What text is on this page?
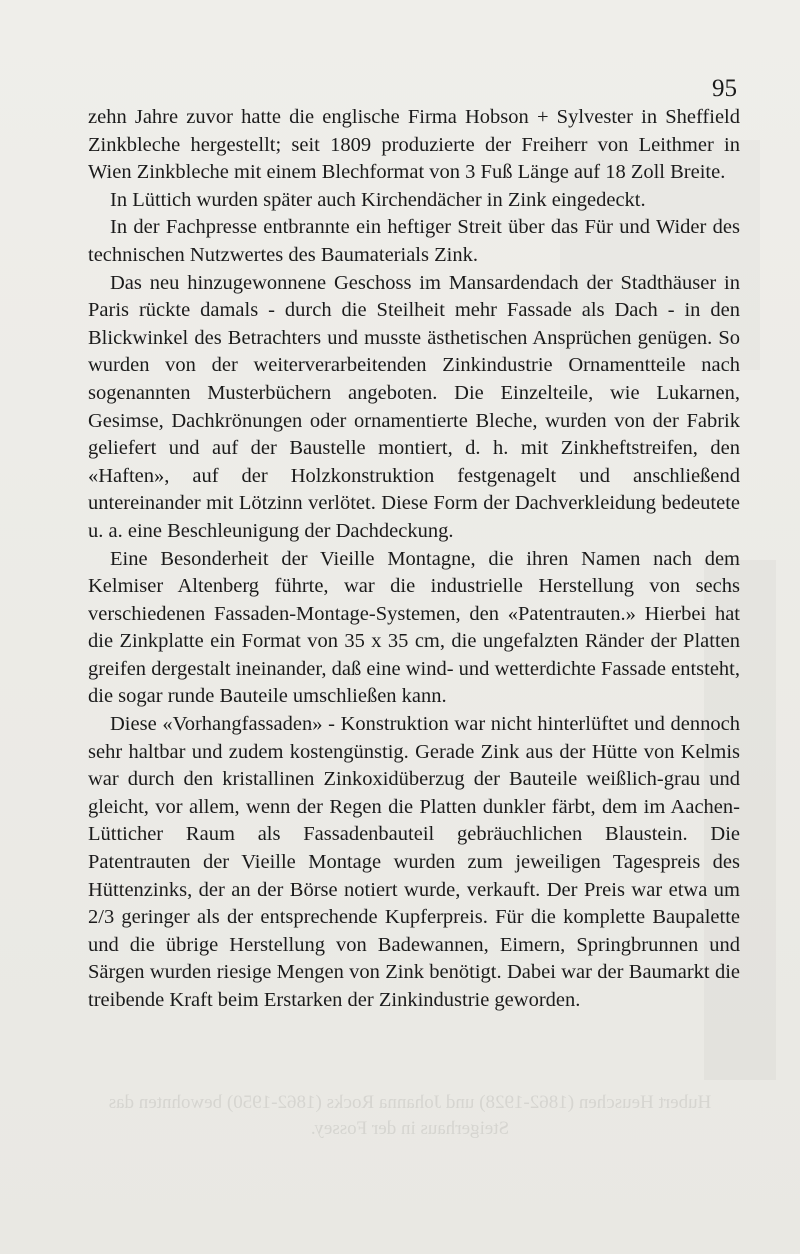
95

zehn Jahre zuvor hatte die englische Firma Hobson + Sylvester in Sheffield Zinkbleche hergestellt; seit 1809 produzierte der Freiherr von Leithmer in Wien Zinkbleche mit einem Blechformat von 3 Fuß Länge auf 18 Zoll Breite.

In Lüttich wurden später auch Kirchendächer in Zink eingedeckt.

In der Fachpresse entbrannte ein heftiger Streit über das Für und Wider des technischen Nutzwertes des Baumaterials Zink.

Das neu hinzugewonnene Geschoss im Mansardendach der Stadthäuser in Paris rückte damals - durch die Steilheit mehr Fassade als Dach - in den Blickwinkel des Betrachters und musste ästhetischen Ansprüchen genügen. So wurden von der weiterverarbeitenden Zinkindustrie Ornamentteile nach sogenannten Musterbüchern angeboten. Die Einzelteile, wie Lukarnen, Gesimse, Dachkrönungen oder ornamentierte Bleche, wurden von der Fabrik geliefert und auf der Baustelle montiert, d. h. mit Zinkheftstreifen, den «Haften», auf der Holzkonstruktion festgenagelt und anschließend untereinander mit Lötzinn verlötet. Diese Form der Dachverkleidung bedeutete u. a. eine Beschleunigung der Dachdeckung.

Eine Besonderheit der Vieille Montagne, die ihren Namen nach dem Kelmiser Altenberg führte, war die industrielle Herstellung von sechs verschiedenen Fassaden-Montage-Systemen, den «Patentrauten.» Hierbei hat die Zinkplatte ein Format von 35 x 35 cm, die ungefalzten Ränder der Platten greifen dergestalt ineinander, daß eine wind- und wetterdichte Fassade entsteht, die sogar runde Bauteile umschließen kann.

Diese «Vorhangfassaden» - Konstruktion war nicht hinterlüftet und dennoch sehr haltbar und zudem kostengünstig. Gerade Zink aus der Hütte von Kelmis war durch den kristallinen Zinkoxidüberzug der Bauteile weißlich-grau und gleicht, vor allem, wenn der Regen die Platten dunkler färbt, dem im Aachen-Lütticher Raum als Fassadenbauteil gebräuchlichen Blaustein. Die Patentrauten der Vieille Montage wurden zum jeweiligen Tagespreis des Hüttenzinks, der an der Börse notiert wurde, verkauft. Der Preis war etwa um 2/3 geringer als der entsprechende Kupferpreis. Für die komplette Baupalette und die übrige Herstellung von Badewannen, Eimern, Springbrunnen und Särgen wurden riesige Mengen von Zink benötigt. Dabei war der Baumarkt die treibende Kraft beim Erstarken der Zinkindustrie geworden.

Hubert Heuschen (1862-1928) und Johanna Rocks (1862-1950) bewohnten das
Steigerhaus in der Fossey.
